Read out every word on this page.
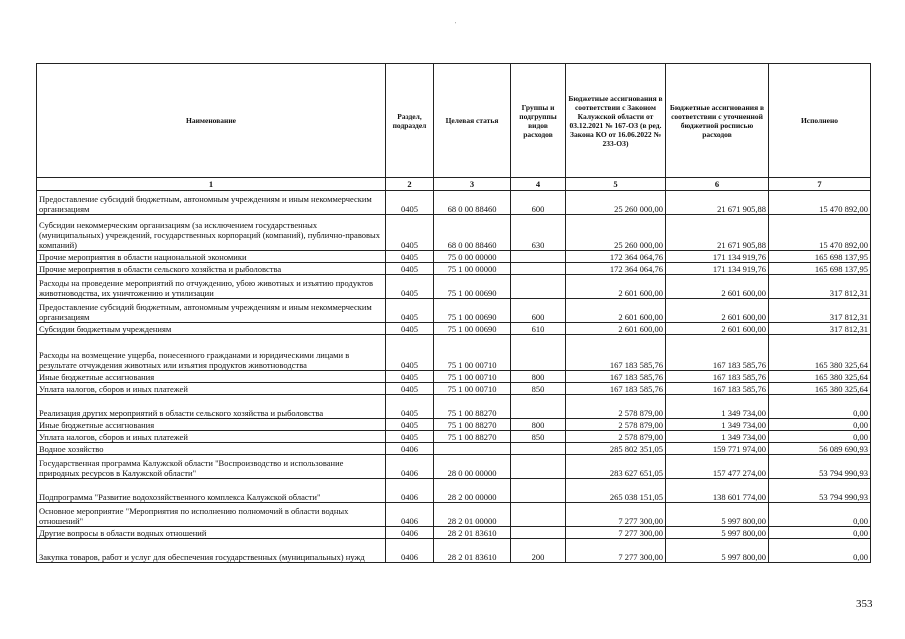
'
Наименование	Раздел, подраздел	Целевая статья	Группы и подгруппы видов расходов	Бюджетные ассигнования в соответствии с Законом Калужской области от 03.12.2021 № 167-ОЗ (в ред. Закона КО от 16.06.2022 № 233-ОЗ)	Бюджетные ассигнования в соответствии с уточненной бюджетной росписью расходов	Исполнено
1	2	3	4	5	6	7
Предоставление субсидий бюджетным, автономным учреждениям и иным некоммерческим организациям	0405	68 0 00 88460	600	25 260 000,00	21 671 905,88	15 470 892,00
Субсидии некоммерческим организациям (за исключением государственных (муниципальных) учреждений, государственных корпораций (компаний), публично-правовых компаний)	0405	68 0 00 88460	630	25 260 000,00	21 671 905,88	15 470 892,00
Прочие мероприятия в области национальной экономики	0405	75 0 00 00000		172 364 064,76	171 134 919,76	165 698 137,95
Прочие мероприятия в области сельского хозяйства и рыболовства	0405	75 1 00 00000		172 364 064,76	171 134 919,76	165 698 137,95
Расходы на проведение мероприятий по отчуждению, убою животных и изъятию продуктов животноводства, их уничтожению и утилизации	0405	75 1 00 00690		2 601 600,00	2 601 600,00	317 812,31
Предоставление субсидий бюджетным, автономным учреждениям и иным некоммерческим организациям	0405	75 1 00 00690	600	2 601 600,00	2 601 600,00	317 812,31
Субсидии бюджетным учреждениям	0405	75 1 00 00690	610	2 601 600,00	2 601 600,00	317 812,31
Расходы на возмещение ущерба, понесенного гражданами и юридическими лицами в результате отчуждения животных или изъятия продуктов животноводства	0405	75 1 00 00710		167 183 585,76	167 183 585,76	165 380 325,64
Иные бюджетные ассигнования	0405	75 1 00 00710	800	167 183 585,76	167 183 585,76	165 380 325,64
Уплата налогов, сборов и иных платежей	0405	75 1 00 00710	850	167 183 585,76	167 183 585,76	165 380 325,64
Реализация других мероприятий в области сельского хозяйства и рыболовства	0405	75 1 00 88270		2 578 879,00	1 349 734,00	0,00
Иные бюджетные ассигнования	0405	75 1 00 88270	800	2 578 879,00	1 349 734,00	0,00
Уплата налогов, сборов и иных платежей	0405	75 1 00 88270	850	2 578 879,00	1 349 734,00	0,00
Водное хозяйство	0406			285 802 351,05	159 771 974,00	56 089 690,93
Государственная программа Калужской области "Воспроизводство и использование природных ресурсов в Калужской области"	0406	28 0 00 00000		283 627 651,05	157 477 274,00	53 794 990,93
Подпрограмма "Развитие водохозяйственного комплекса Калужской области"	0406	28 2 00 00000		265 038 151,05	138 601 774,00	53 794 990,93
Основное мероприятие "Мероприятия по исполнению полномочий в области водных отношений"	0406	28 2 01 00000		7 277 300,00	5 997 800,00	0,00
Другие вопросы в области водных отношений	0406	28 2 01 83610		7 277 300,00	5 997 800,00	0,00
Закупка товаров, работ и услуг для обеспечения государственных (муниципальных) нужд	0406	28 2 01 83610	200	7 277 300,00	5 997 800,00	0,00
353
